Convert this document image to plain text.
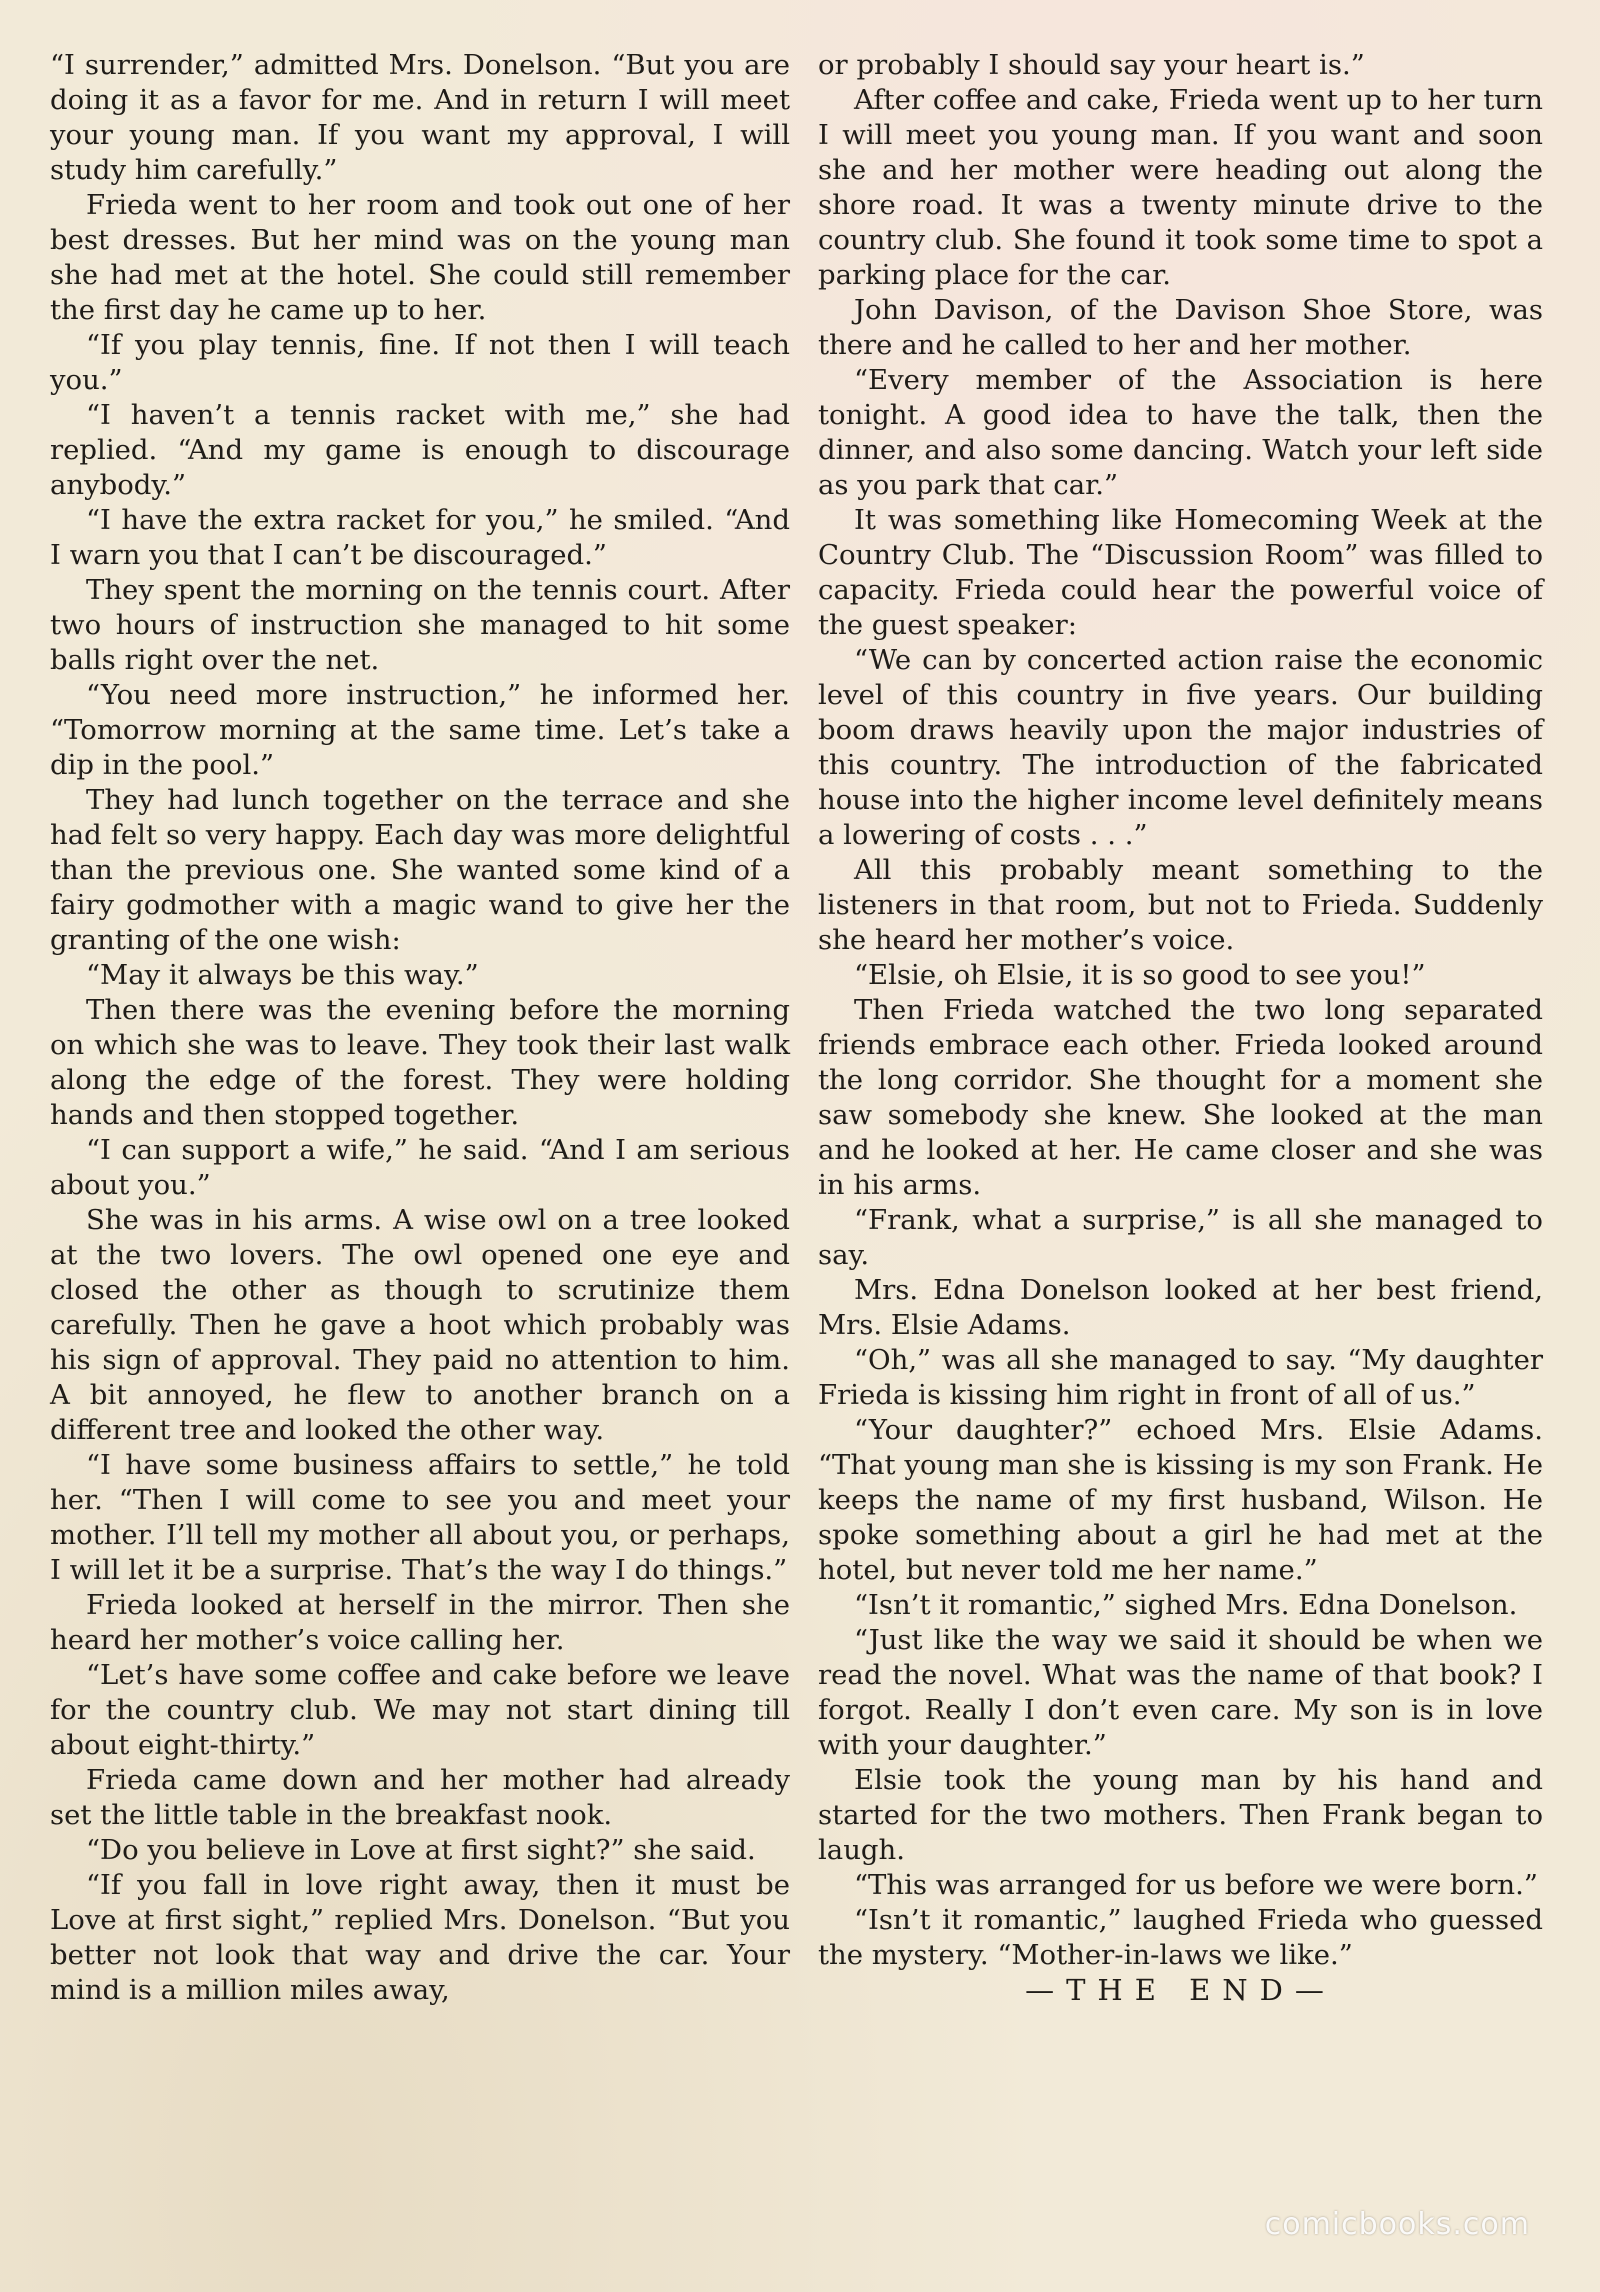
“I surrender,” admitted Mrs. Donelson. “But you are doing it as a favor for me. And in return I will meet your young man. If you want my approval, I will study him carefully.”

Frieda went to her room and took out one of her best dresses. But her mind was on the young man she had met at the hotel. She could still remember the first day he came up to her.

“If you play tennis, fine. If not then I will teach you.”

“I haven’t a tennis racket with me,” she had replied. “And my game is enough to discourage anybody.”

“I have the extra racket for you,” he smiled. “And I warn you that I can’t be discouraged.”

They spent the morning on the tennis court. After two hours of instruction she managed to hit some balls right over the net.

“You need more instruction,” he informed her. “Tomorrow morning at the same time. Let’s take a dip in the pool.”

They had lunch together on the terrace and she had felt so very happy. Each day was more delightful than the previous one. She wanted some kind of a fairy godmother with a magic wand to give her the granting of the one wish:

“May it always be this way.”

Then there was the evening before the morning on which she was to leave. They took their last walk along the edge of the forest. They were holding hands and then stopped together.

“I can support a wife,” he said. “And I am serious about you.”

She was in his arms. A wise owl on a tree looked at the two lovers. The owl opened one eye and closed the other as though to scrutinize them carefully. Then he gave a hoot which probably was his sign of approval. They paid no attention to him. A bit annoyed, he flew to another branch on a different tree and looked the other way.

“I have some business affairs to settle,” he told her. “Then I will come to see you and meet your mother. I’ll tell my mother all about you, or perhaps, I will let it be a surprise. That’s the way I do things.”

Frieda looked at herself in the mirror. Then she heard her mother’s voice calling her.

“Let’s have some coffee and cake before we leave for the country club. We may not start dining till about eight-thirty.”

Frieda came down and her mother had already set the little table in the breakfast nook.

“Do you believe in Love at first sight?” she said.

“If you fall in love right away, then it must be Love at first sight,” replied Mrs. Donelson. “But you better not look that way and drive the car. Your mind is a million miles away,

or probably I should say your heart is.”

After coffee and cake, Frieda went up to her turn I will meet you young man. If you want and soon she and her mother were heading out along the shore road. It was a twenty minute drive to the country club. She found it took some time to spot a parking place for the car.

John Davison, of the Davison Shoe Store, was there and he called to her and her mother.

“Every member of the Association is here tonight. A good idea to have the talk, then the dinner, and also some dancing. Watch your left side as you park that car.”

It was something like Homecoming Week at the Country Club. The “Discussion Room” was filled to capacity. Frieda could hear the powerful voice of the guest speaker:

“We can by concerted action raise the economic level of this country in five years. Our building boom draws heavily upon the major industries of this country. The introduction of the fabricated house into the higher income level definitely means a lowering of costs . . .”

All this probably meant something to the listeners in that room, but not to Frieda. Suddenly she heard her mother’s voice.

“Elsie, oh Elsie, it is so good to see you!”

Then Frieda watched the two long separated friends embrace each other. Frieda looked around the long corridor. She thought for a moment she saw somebody she knew. She looked at the man and he looked at her. He came closer and she was in his arms.

“Frank, what a surprise,” is all she managed to say.

Mrs. Edna Donelson looked at her best friend, Mrs. Elsie Adams.

“Oh,” was all she managed to say. “My daughter Frieda is kissing him right in front of all of us.”

“Your daughter?” echoed Mrs. Elsie Adams. “That young man she is kissing is my son Frank. He keeps the name of my first husband, Wilson. He spoke something about a girl he had met at the hotel, but never told me her name.”

“Isn’t it romantic,” sighed Mrs. Edna Donelson.

“Just like the way we said it should be when we read the novel. What was the name of that book? I forgot. Really I don’t even care. My son is in love with your daughter.”

Elsie took the young man by his hand and started for the two mothers. Then Frank began to laugh.

“This was arranged for us before we were born.”

“Isn’t it romantic,” laughed Frieda who guessed the mystery. “Mother-in-laws we like.”

—THE END—

comicbooks.com
